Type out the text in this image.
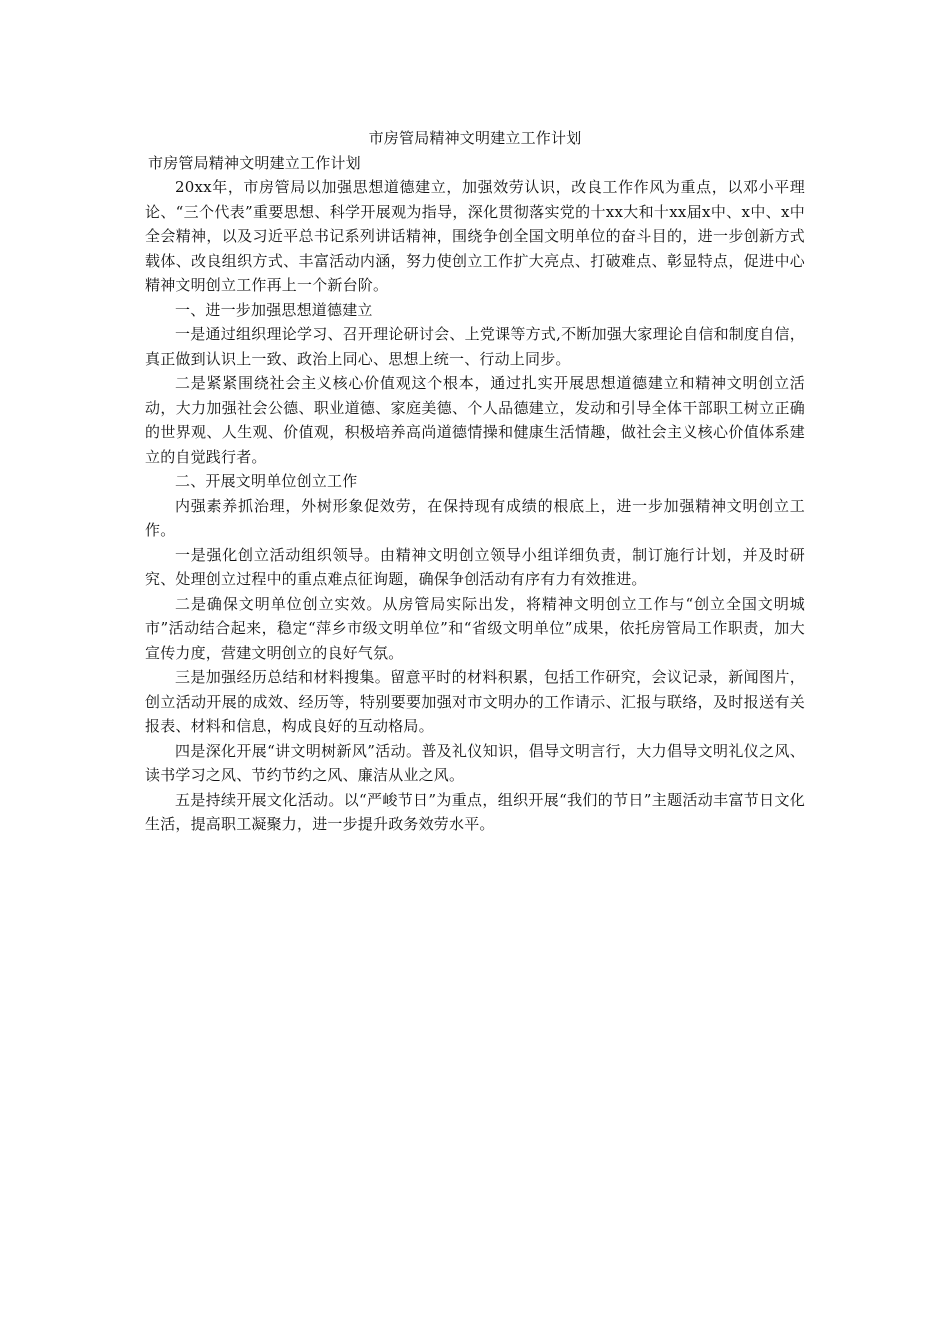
市房管局精神文明建立工作计划

市房管局精神文明建立工作计划

20xx年，市房管局以加强思想道德建立，加强效劳认识，改良工作作风为重点，以邓小平理论、“三个代表”重要思想、科学开展观为指导，深化贯彻落实党的十xx大和十xx届x中、x中、x中全会精神，以及习近平总书记系列讲话精神，围绕争创全国文明单位的奋斗目的，进一步创新方式载体、改良组织方式、丰富活动内涵，努力使创立工作扩大亮点、打破难点、彰显特点，促进中心精神文明创立工作再上一个新台阶。

一、进一步加强思想道德建立

一是通过组织理论学习、召开理论研讨会、上党课等方式,不断加强大家理论自信和制度自信，真正做到认识上一致、政治上同心、思想上统一、行动上同步。

二是紧紧围绕社会主义核心价值观这个根本，通过扎实开展思想道德建立和精神文明创立活动，大力加强社会公德、职业道德、家庭美德、个人品德建立，发动和引导全体干部职工树立正确的世界观、人生观、价值观，积极培养高尚道德情操和健康生活情趣，做社会主义核心价值体系建立的自觉践行者。

二、开展文明单位创立工作

内强素养抓治理，外树形象促效劳，在保持现有成绩的根底上，进一步加强精神文明创立工作。

一是强化创立活动组织领导。由精神文明创立领导小组详细负责，制订施行计划，并及时研究、处理创立过程中的重点难点征询题，确保争创活动有序有力有效推进。

二是确保文明单位创立实效。从房管局实际出发，将精神文明创立工作与“创立全国文明城市”活动结合起来，稳定“萍乡市级文明单位”和“省级文明单位”成果，依托房管局工作职责，加大宣传力度，营建文明创立的良好气氛。

三是加强经历总结和材料搜集。留意平时的材料积累，包括工作研究，会议记录，新闻图片，创立活动开展的成效、经历等，特别要要加强对市文明办的工作请示、汇报与联络，及时报送有关报表、材料和信息，构成良好的互动格局。

四是深化开展“讲文明树新风”活动。普及礼仪知识，倡导文明言行，大力倡导文明礼仪之风、读书学习之风、节约节约之风、廉洁从业之风。

五是持续开展文化活动。以“严峻节日”为重点，组织开展“我们的节日”主题活动丰富节日文化生活，提高职工凝聚力，进一步提升政务效劳水平。
